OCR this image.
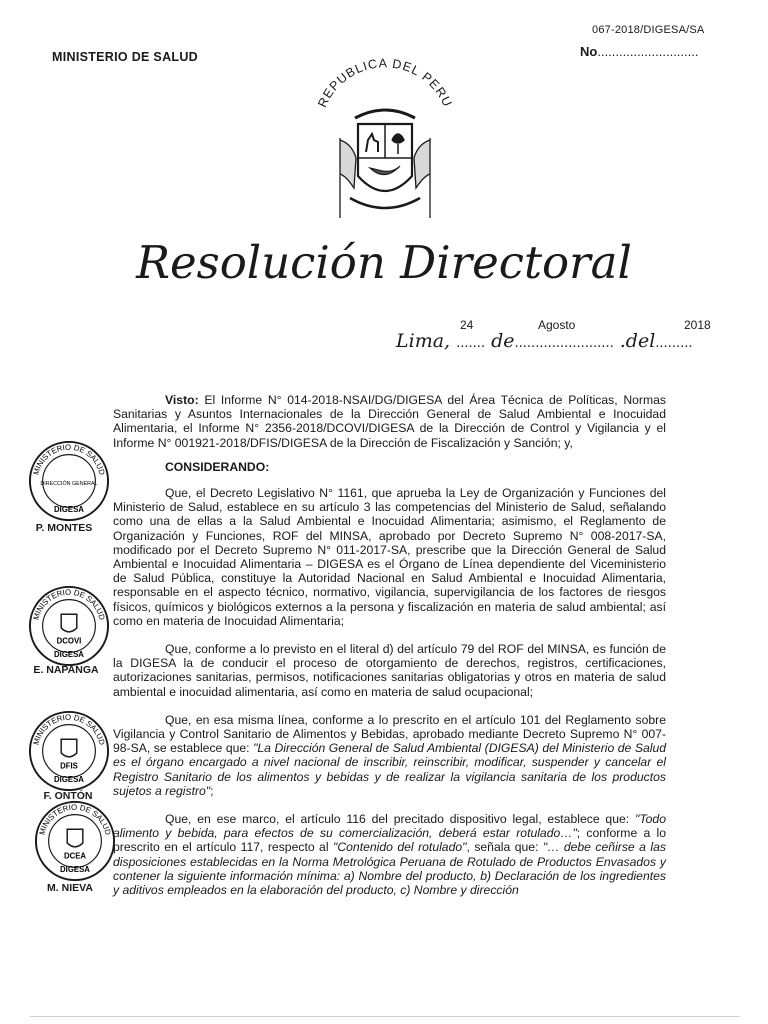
067-2018/DIGESA/SA
No............................
MINISTERIO DE SALUD
REPUBLICA DEL PERU
Resolución Directoral
24	Agosto	2018
Lima, ....... de........................ .del.........
MINISTERIO DE SALUD
DIRECCIÓN GENERAL
DIGESA
P. MONTES
MINISTERIO DE SALUD
DCOVI
DIGESA
E. NAPANGA
MINISTERIO DE SALUD
DFIS
DIGESA
F. ONTÓN
MINISTERIO DE SALUD
DCEA
DIGESA
M. NIEVA

Visto: El Informe N° 014-2018-NSAI/DG/DIGESA del Área Técnica de Políticas, Normas Sanitarias y Asuntos Internacionales de la Dirección General de Salud Ambiental e Inocuidad Alimentaria, el Informe N° 2356-2018/DCOVI/DIGESA de la Dirección de Control y Vigilancia y el Informe N° 001921-2018/DFIS/DIGESA de la Dirección de Fiscalización y Sanción; y,

CONSIDERANDO:

Que, el Decreto Legislativo N° 1161, que aprueba la Ley de Organización y Funciones del Ministerio de Salud, establece en su artículo 3 las competencias del Ministerio de Salud, señalando como una de ellas a la Salud Ambiental e Inocuidad Alimentaria; asimismo, el Reglamento de Organización y Funciones, ROF del MINSA, aprobado por Decreto Supremo N° 008-2017-SA, modificado por el Decreto Supremo N° 011-2017-SA, prescribe que la Dirección General de Salud Ambiental e Inocuidad Alimentaria – DIGESA es el Órgano de Línea dependiente del Viceministerio de Salud Pública, constituye la Autoridad Nacional en Salud Ambiental e Inocuidad Alimentaria, responsable en el aspecto técnico, normativo, vigilancia, supervigilancia de los factores de riesgos físicos, químicos y biológicos externos a la persona y fiscalización en materia de salud ambiental; así como en materia de Inocuidad Alimentaria;

Que, conforme a lo previsto en el literal d) del artículo 79 del ROF del MINSA, es función de la DIGESA la de conducir el proceso de otorgamiento de derechos, registros, certificaciones, autorizaciones sanitarias, permisos, notificaciones sanitarias obligatorias y otros en materia de salud ambiental e inocuidad alimentaria, así como en materia de salud ocupacional;

Que, en esa misma línea, conforme a lo prescrito en el artículo 101 del Reglamento sobre Vigilancia y Control Sanitario de Alimentos y Bebidas, aprobado mediante Decreto Supremo N° 007-98-SA, se establece que: "La Dirección General de Salud Ambiental (DIGESA) del Ministerio de Salud es el órgano encargado a nivel nacional de inscribir, reinscribir, modificar, suspender y cancelar el Registro Sanitario de los alimentos y bebidas y de realizar la vigilancia sanitaria de los productos sujetos a registro";

Que, en ese marco, el artículo 116 del precitado dispositivo legal, establece que: "Todo alimento y bebida, para efectos de su comercialización, deberá estar rotulado…"; conforme a lo prescrito en el artículo 117, respecto al "Contenido del rotulado", señala que: "… debe ceñirse a las disposiciones establecidas en la Norma Metrológica Peruana de Rotulado de Productos Envasados y contener la siguiente información mínima: a) Nombre del producto, b) Declaración de los ingredientes y aditivos empleados en la elaboración del producto, c) Nombre y dirección
